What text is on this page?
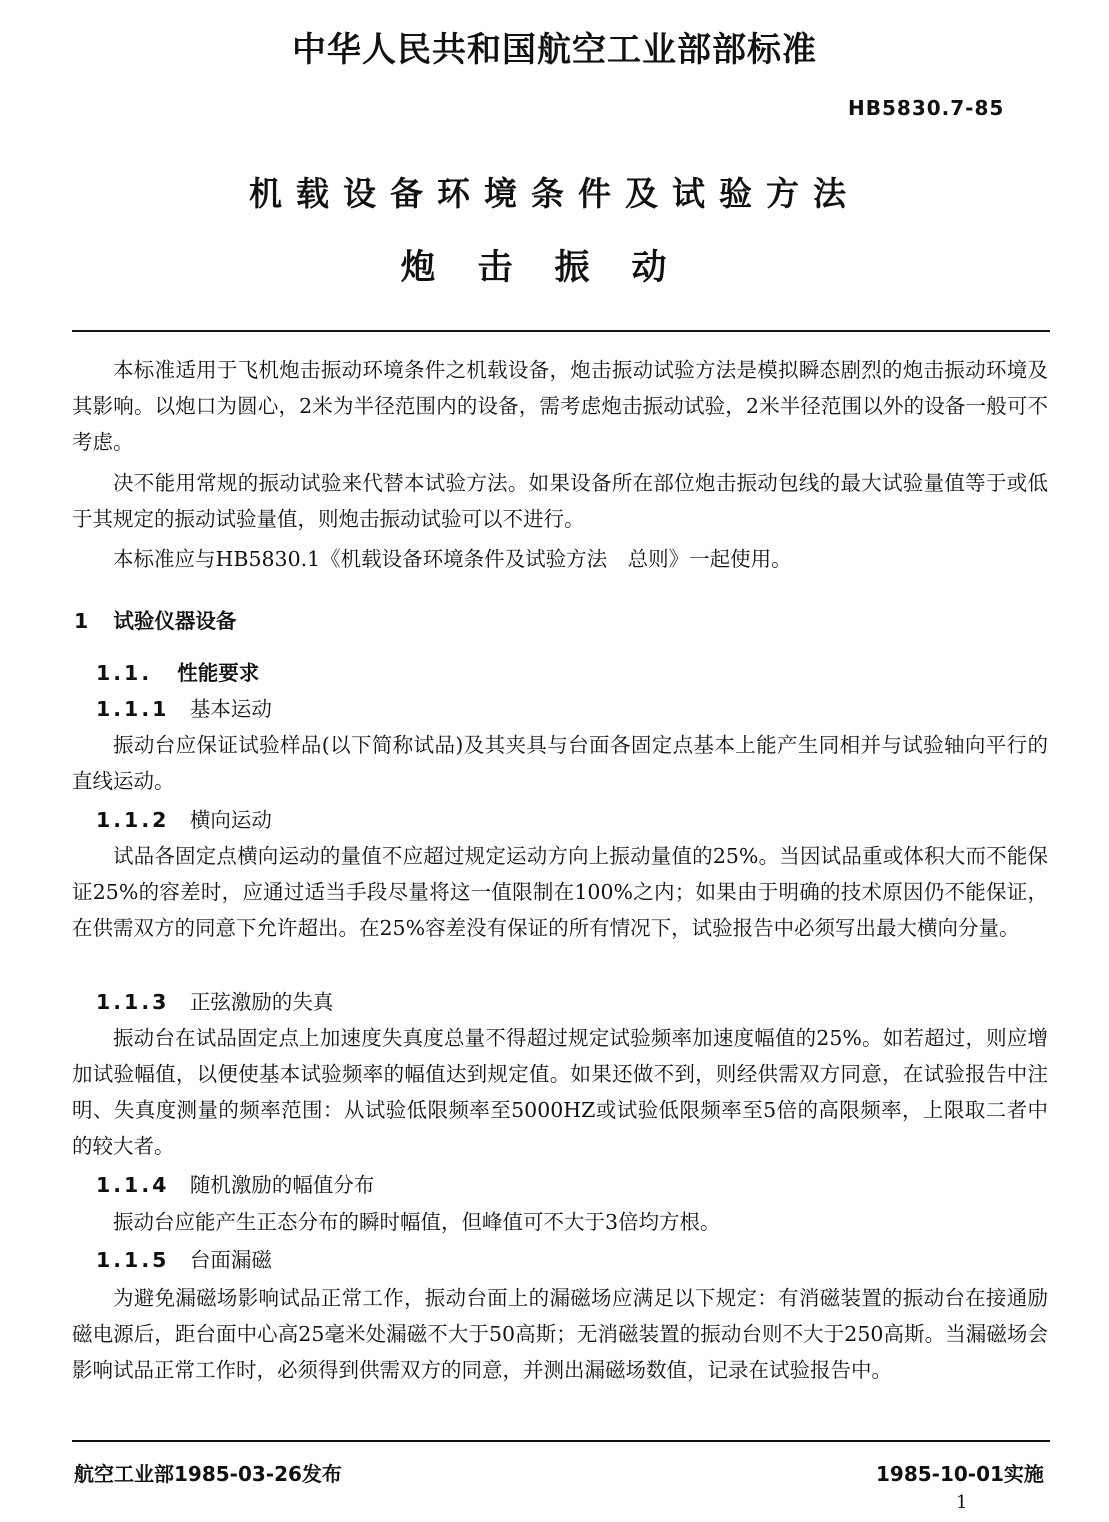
中华人民共和国航空工业部部标准
HB5830.7-85
机载设备环境条件及试验方法
炮击振动

本标准适用于飞机炮击振动环境条件之机载设备，炮击振动试验方法是模拟瞬态剧烈的炮击振动环境及其影响。以炮口为圆心，2米为半径范围内的设备，需考虑炮击振动试验，2米半径范围以外的设备一般可不考虑。

决不能用常规的振动试验来代替本试验方法。如果设备所在部位炮击振动包线的最大试验量值等于或低于其规定的振动试验量值，则炮击振动试验可以不进行。

本标准应与HB5830.1《机载设备环境条件及试验方法　总则》一起使用。

1 试验仪器设备
1.1. 性能要求
1.1.1 基本运动

振动台应保证试验样品(以下简称试品)及其夹具与台面各固定点基本上能产生同相并与试验轴向平行的直线运动。

1.1.2 横向运动

试品各固定点横向运动的量值不应超过规定运动方向上振动量值的25%。当因试品重或体积大而不能保证25%的容差时，应通过适当手段尽量将这一值限制在100%之内；如果由于明确的技术原因仍不能保证，在供需双方的同意下允许超出。在25%容差没有保证的所有情况下，试验报告中必须写出最大横向分量。

1.1.3 正弦激励的失真

振动台在试品固定点上加速度失真度总量不得超过规定试验频率加速度幅值的25%。如若超过，则应增加试验幅值，以便使基本试验频率的幅值达到规定值。如果还做不到，则经供需双方同意，在试验报告中注明、失真度测量的频率范围：从试验低限频率至5000HZ或试验低限频率至5倍的高限频率，上限取二者中的较大者。

1.1.4 随机激励的幅值分布

振动台应能产生正态分布的瞬时幅值，但峰值可不大于3倍均方根。

1.1.5 台面漏磁

为避免漏磁场影响试品正常工作，振动台面上的漏磁场应满足以下规定：有消磁装置的振动台在接通励磁电源后，距台面中心高25毫米处漏磁不大于50高斯；无消磁装置的振动台则不大于250高斯。当漏磁场会影响试品正常工作时，必须得到供需双方的同意，并测出漏磁场数值，记录在试验报告中。

航空工业部1985-03-26发布	1985-10-01实施
1
